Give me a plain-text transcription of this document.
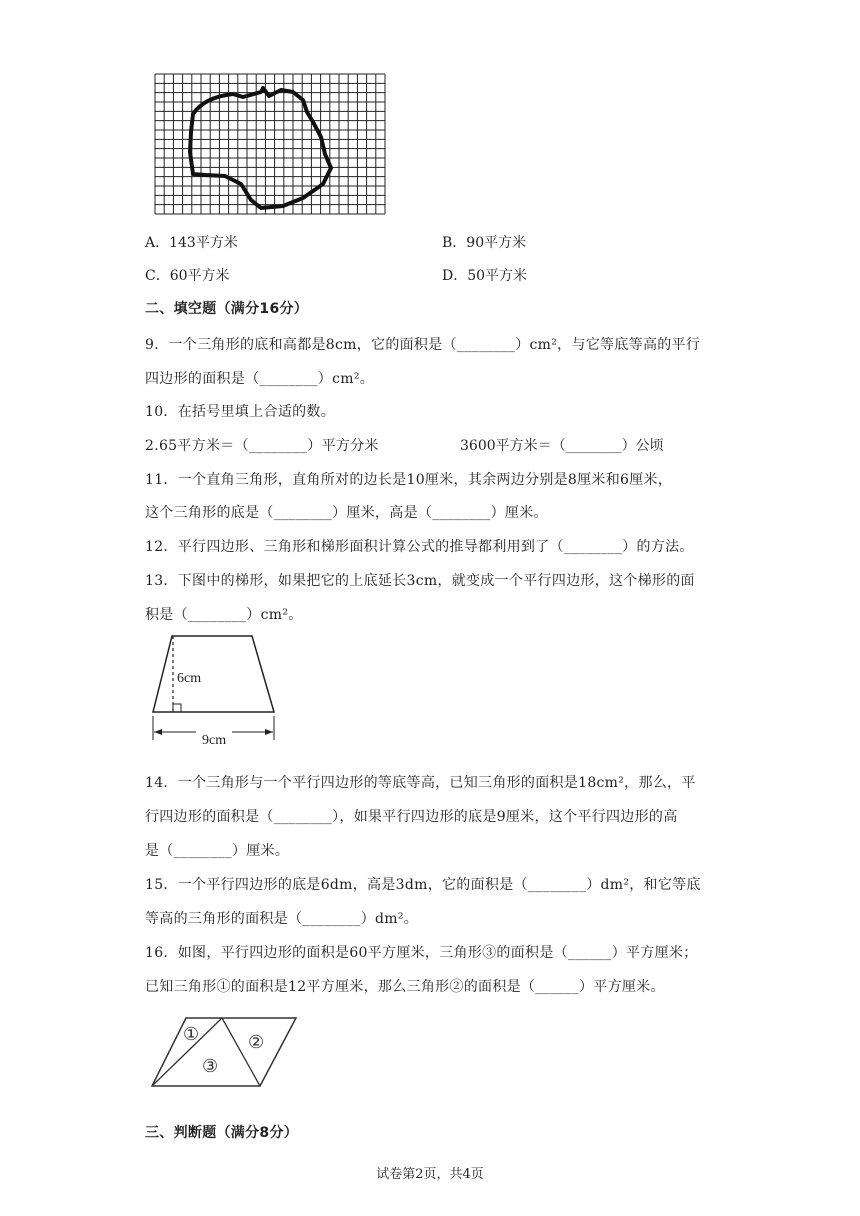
A．143平方米	B．90平方米
C．60平方米	D．50平方米
二、填空题（满分16分）
9．一个三角形的底和高都是8cm，它的面积是（________）cm²，与它等底等高的平行
四边形的面积是（________）cm²。
10．在括号里填上合适的数。
2.65平方米＝（________）平方分米	3600平方米＝（________）公顷
11．一个直角三角形，直角所对的边长是10厘米，其余两边分别是8厘米和6厘米，
这个三角形的底是（________）厘米，高是（________）厘米。
12．平行四边形、三角形和梯形面积计算公式的推导都利用到了（________）的方法。
13．下图中的梯形，如果把它的上底延长3cm，就变成一个平行四边形，这个梯形的面
积是（________）cm²。
6cm
9cm
14．一个三角形与一个平行四边形的等底等高，已知三角形的面积是18cm²，那么，平
行四边形的面积是（________），如果平行四边形的底是9厘米，这个平行四边形的高
是（________）厘米。
15．一个平行四边形的底是6dm，高是3dm，它的面积是（________）dm²，和它等底
等高的三角形的面积是（________）dm²。
16．如图，平行四边形的面积是60平方厘米，三角形③的面积是（______）平方厘米；
已知三角形①的面积是12平方厘米，那么三角形②的面积是（______）平方厘米。
①	②
③
三、判断题（满分8分）
试卷第2页，共4页
